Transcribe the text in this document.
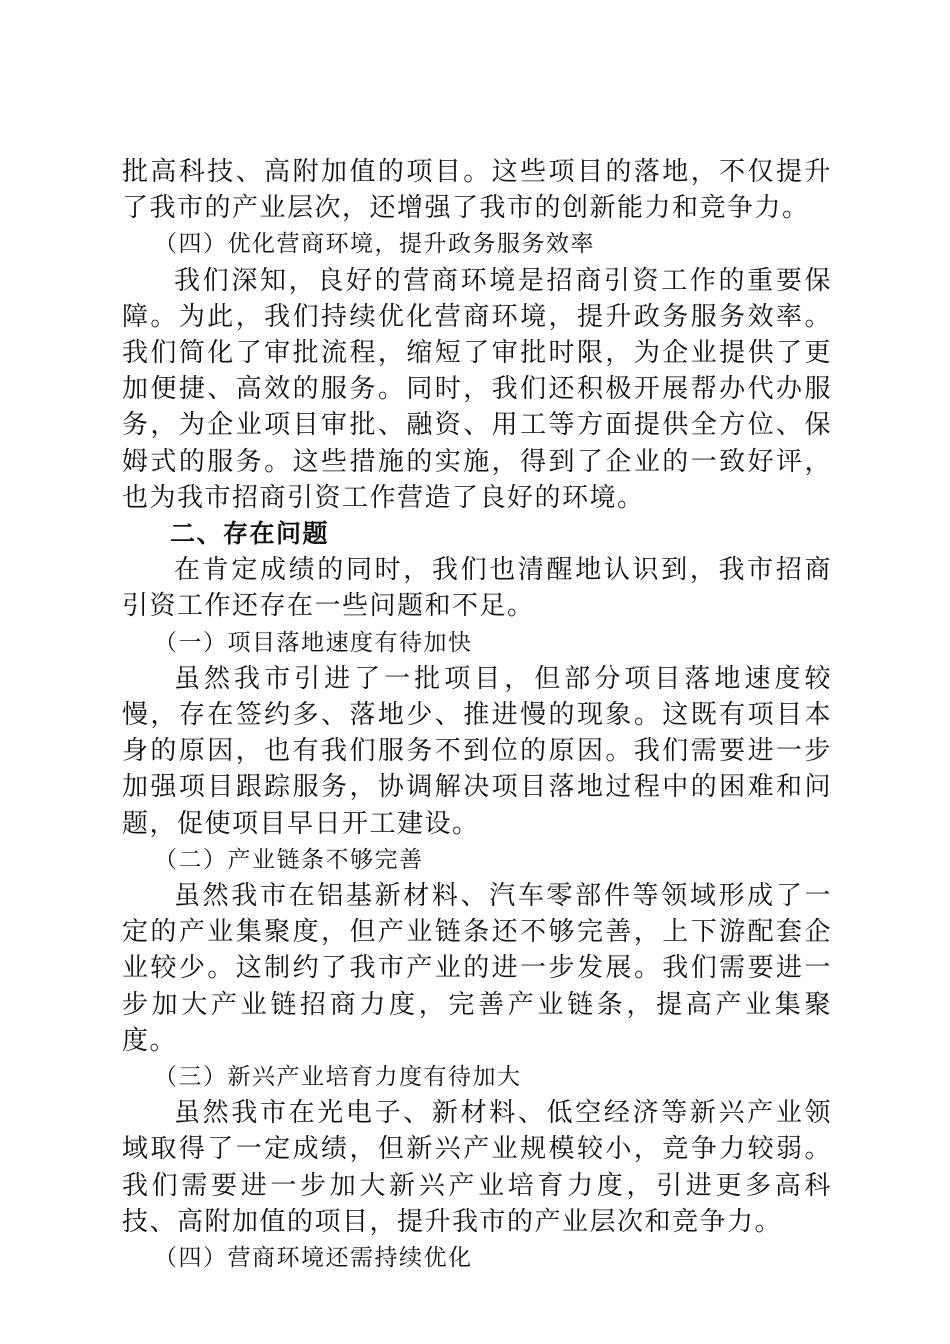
批高科技、高附加值的项目。这些项目的落地，不仅提升了我市的产业层次，还增强了我市的创新能力和竞争力。

（四）优化营商环境，提升政务服务效率

我们深知，良好的营商环境是招商引资工作的重要保障。为此，我们持续优化营商环境，提升政务服务效率。我们简化了审批流程，缩短了审批时限，为企业提供了更加便捷、高效的服务。同时，我们还积极开展帮办代办服务，为企业项目审批、融资、用工等方面提供全方位、保姆式的服务。这些措施的实施，得到了企业的一致好评，也为我市招商引资工作营造了良好的环境。

二、存在问题

在肯定成绩的同时，我们也清醒地认识到，我市招商引资工作还存在一些问题和不足。

（一）项目落地速度有待加快

虽然我市引进了一批项目，但部分项目落地速度较慢，存在签约多、落地少、推进慢的现象。这既有项目本身的原因，也有我们服务不到位的原因。我们需要进一步加强项目跟踪服务，协调解决项目落地过程中的困难和问题，促使项目早日开工建设。

（二）产业链条不够完善

虽然我市在铝基新材料、汽车零部件等领域形成了一定的产业集聚度，但产业链条还不够完善，上下游配套企业较少。这制约了我市产业的进一步发展。我们需要进一步加大产业链招商力度，完善产业链条，提高产业集聚度。

（三）新兴产业培育力度有待加大

虽然我市在光电子、新材料、低空经济等新兴产业领域取得了一定成绩，但新兴产业规模较小，竞争力较弱。我们需要进一步加大新兴产业培育力度，引进更多高科技、高附加值的项目，提升我市的产业层次和竞争力。

（四）营商环境还需持续优化
